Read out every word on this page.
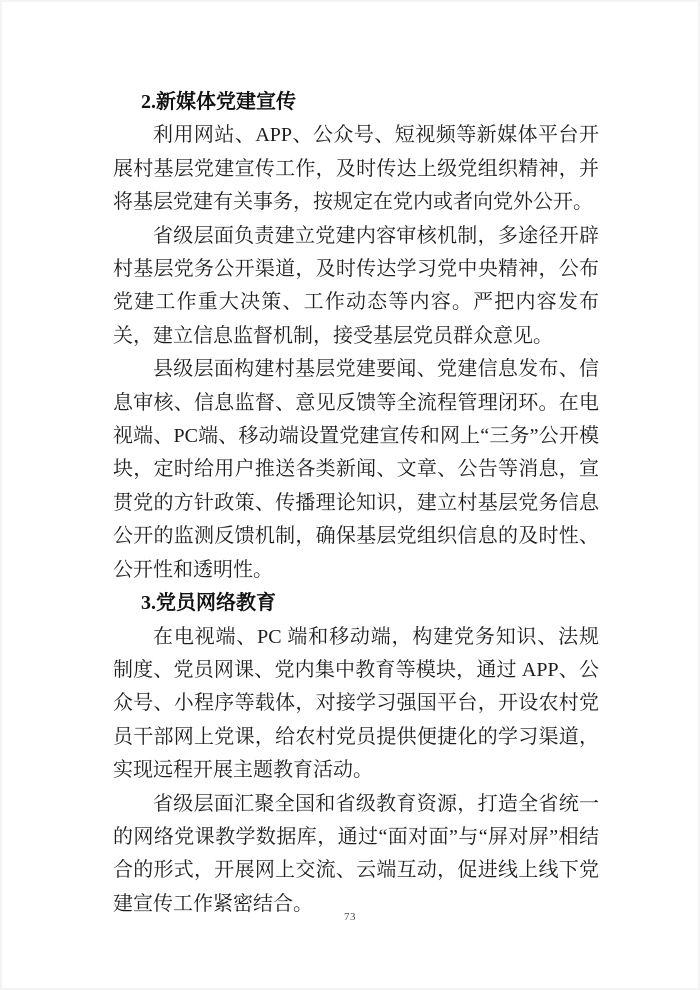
2.新媒体党建宣传

利用网站、APP、公众号、短视频等新媒体平台开展村基层党建宣传工作，及时传达上级党组织精神，并将基层党建有关事务，按规定在党内或者向党外公开。

省级层面负责建立党建内容审核机制，多途径开辟村基层党务公开渠道，及时传达学习党中央精神，公布党建工作重大决策、工作动态等内容。严把内容发布关，建立信息监督机制，接受基层党员群众意见。

县级层面构建村基层党建要闻、党建信息发布、信息审核、信息监督、意见反馈等全流程管理闭环。在电视端、PC端、移动端设置党建宣传和网上“三务”公开模块，定时给用户推送各类新闻、文章、公告等消息，宣贯党的方针政策、传播理论知识，建立村基层党务信息公开的监测反馈机制，确保基层党组织信息的及时性、公开性和透明性。

3.党员网络教育

在电视端、PC 端和移动端，构建党务知识、法规制度、党员网课、党内集中教育等模块，通过 APP、公众号、小程序等载体，对接学习强国平台，开设农村党员干部网上党课，给农村党员提供便捷化的学习渠道，实现远程开展主题教育活动。

省级层面汇聚全国和省级教育资源，打造全省统一的网络党课教学数据库，通过“面对面”与“屏对屏”相结合的形式，开展网上交流、云端互动，促进线上线下党建宣传工作紧密结合。

73
